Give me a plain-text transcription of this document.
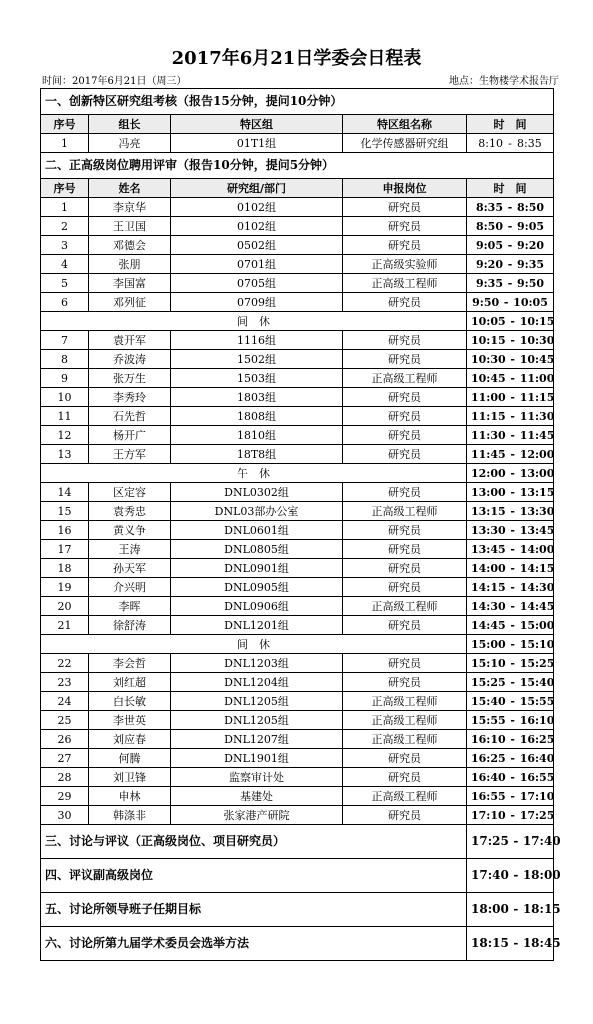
2017年6月21日学委会日程表
时间：2017年6月21日（周三）	地点：生物楼学术报告厅
一、创新特区研究组考核（报告15分钟，提问10分钟）				
序号	组长	特区组	特区组名称	时　间
1	冯亮	01T1组	化学传感器研究组	8:10 - 8:35
二、正高级岗位聘用评审（报告10分钟，提问5分钟）				
序号	姓名	研究组/部门	申报岗位	时　间
1	李京华	0102组	研究员	8:35 - 8:50
2	王卫国	0102组	研究员	8:50 - 9:05
3	邓德会	0502组	研究员	9:05 - 9:20
4	张朋	0701组	正高级实验师	9:20 - 9:35
5	李国富	0705组	正高级工程师	9:35 - 9:50
6	邓列征	0709组	研究员	9:50 - 10:05
间　休				10:05 - 10:15
7	袁开军	1116组	研究员	10:15 - 10:30
8	乔波涛	1502组	研究员	10:30 - 10:45
9	张万生	1503组	正高级工程师	10:45 - 11:00
10	李秀玲	1803组	研究员	11:00 - 11:15
11	石先哲	1808组	研究员	11:15 - 11:30
12	杨开广	1810组	研究员	11:30 - 11:45
13	王方军	18T8组	研究员	11:45 - 12:00
午　休				12:00 - 13:00
14	区定容	DNL0302组	研究员	13:00 - 13:15
15	袁秀忠	DNL03部办公室	正高级工程师	13:15 - 13:30
16	黄义争	DNL0601组	研究员	13:30 - 13:45
17	王涛	DNL0805组	研究员	13:45 - 14:00
18	孙天军	DNL0901组	研究员	14:00 - 14:15
19	介兴明	DNL0905组	研究员	14:15 - 14:30
20	李晖	DNL0906组	正高级工程师	14:30 - 14:45
21	徐舒涛	DNL1201组	研究员	14:45 - 15:00
间　休				15:00 - 15:10
22	李会哲	DNL1203组	研究员	15:10 - 15:25
23	刘红超	DNL1204组	研究员	15:25 - 15:40
24	白长敏	DNL1205组	正高级工程师	15:40 - 15:55
25	李世英	DNL1205组	正高级工程师	15:55 - 16:10
26	刘应春	DNL1207组	正高级工程师	16:10 - 16:25
27	何腾	DNL1901组	研究员	16:25 - 16:40
28	刘卫锋	监察审计处	研究员	16:40 - 16:55
29	申林	基建处	正高级工程师	16:55 - 17:10
30	韩涤非	张家港产研院	研究员	17:10 - 17:25
三、讨论与评议（正高级岗位、项目研究员）				17:25 - 17:40
四、评议副高级岗位				17:40 - 18:00
五、讨论所领导班子任期目标				18:00 - 18:15
六、讨论所第九届学术委员会选举方法				18:15 - 18:45
